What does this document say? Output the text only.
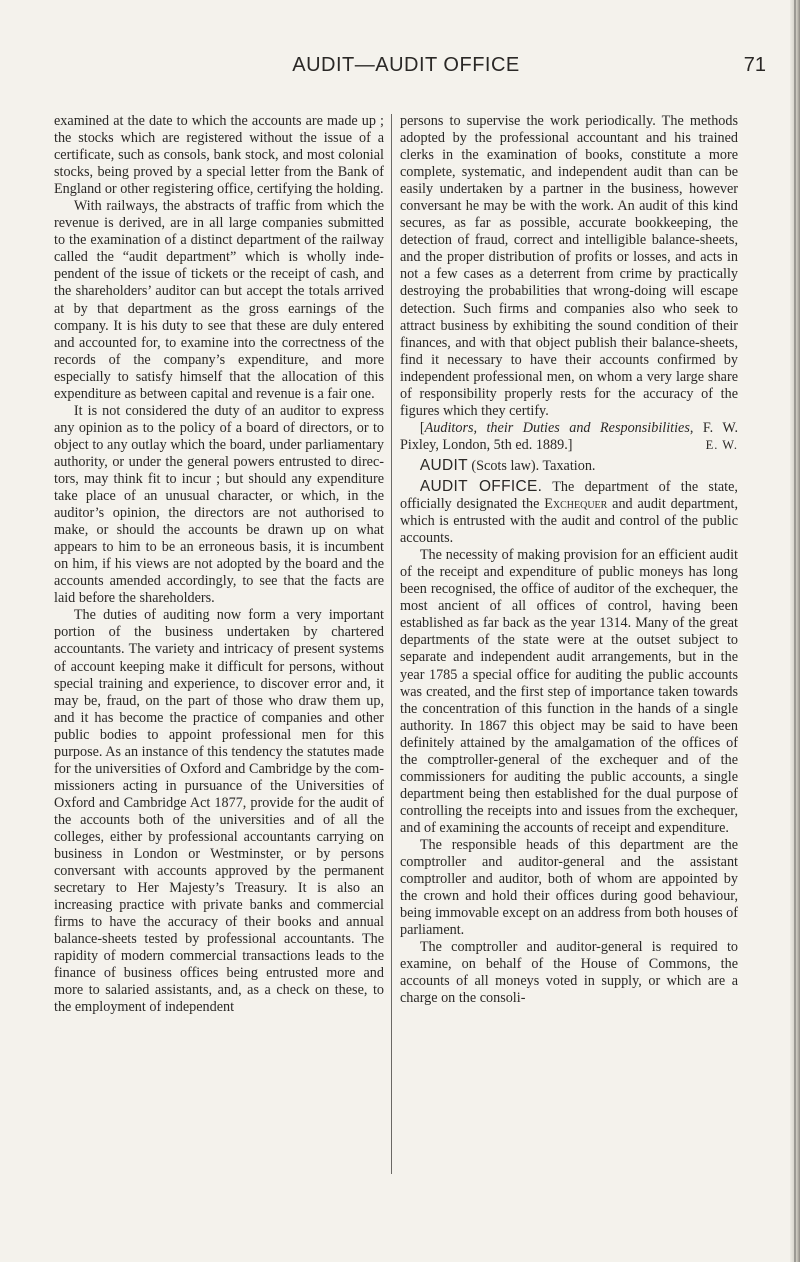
AUDIT—AUDIT OFFICE	71

examined at the date to which the accounts are made up ; the stocks which are registered without the issue of a certificate, such as consols, bank stock, and most colonial stocks, being proved by a special letter from the Bank of England or other registering office, certifying the holding.

With railways, the abstracts of traffic from which the revenue is derived, are in all large companies submitted to the examination of a distinct department of the railway called the “audit department” which is wholly independent of the issue of tickets or the receipt of cash, and the shareholders’ auditor can but accept the totals arrived at by that department as the gross earnings of the company. It is his duty to see that these are duly entered and accounted for, to examine into the correctness of the records of the company’s expenditure, and more especially to satisfy himself that the allocation of this expenditure as between capital and revenue is a fair one.

It is not considered the duty of an auditor to express any opinion as to the policy of a board of directors, or to object to any outlay which the board, under parliamentary authority, or under the general powers entrusted to directors, may think fit to incur ; but should any expenditure take place of an unusual character, or which, in the auditor’s opinion, the directors are not authorised to make, or should the accounts be drawn up on what appears to him to be an erroneous basis, it is incumbent on him, if his views are not adopted by the board and the accounts amended accordingly, to see that the facts are laid before the shareholders.

The duties of auditing now form a very important portion of the business undertaken by chartered accountants. The variety and intricacy of present systems of account keeping make it difficult for persons, without special training and experience, to discover error and, it may be, fraud, on the part of those who draw them up, and it has become the practice of companies and other public bodies to appoint professional men for this purpose. As an instance of this tendency the statutes made for the universities of Oxford and Cambridge by the commissioners acting in pursuance of the Universities of Oxford and Cambridge Act 1877, provide for the audit of the accounts both of the universities and of all the colleges, either by professional accountants carrying on business in London or Westminster, or by persons conversant with accounts approved by the permanent secretary to Her Majesty’s Treasury. It is also an increasing practice with private banks and commercial firms to have the accuracy of their books and annual balance-sheets tested by professional accountants. The rapidity of modern commercial transactions leads to the finance of business offices being entrusted more and more to salaried assistants, and, as a check on these, to the employment of independent

persons to supervise the work periodically. The methods adopted by the professional accountant and his trained clerks in the examination of books, constitute a more complete, systematic, and independent audit than can be easily undertaken by a partner in the business, however conversant he may be with the work. An audit of this kind secures, as far as possible, accurate bookkeeping, the detection of fraud, correct and intelligible balance-sheets, and the proper distribution of profits or losses, and acts in not a few cases as a deterrent from crime by practically destroying the probabilities that wrong-doing will escape detection. Such firms and companies also who seek to attract business by exhibiting the sound condition of their finances, and with that object publish their balance-sheets, find it necessary to have their accounts confirmed by independent professional men, on whom a very large share of responsibility properly rests for the accuracy of the figures which they certify.

[Auditors, their Duties and Responsibilities, F. W. Pixley, London, 5th ed. 1889.]	E. W.

AUDIT (Scots law). Taxation.

AUDIT OFFICE. The department of the state, officially designated the Exchequer and audit department, which is entrusted with the audit and control of the public accounts.

The necessity of making provision for an efficient audit of the receipt and expenditure of public moneys has long been recognised, the office of auditor of the exchequer, the most ancient of all offices of control, having been established as far back as the year 1314. Many of the great departments of the state were at the outset subject to separate and independent audit arrangements, but in the year 1785 a special office for auditing the public accounts was created, and the first step of importance taken towards the concentration of this function in the hands of a single authority. In 1867 this object may be said to have been definitely attained by the amalgamation of the offices of the comptroller-general of the exchequer and of the commissioners for auditing the public accounts, a single department being then established for the dual purpose of controlling the receipts into and issues from the exchequer, and of examining the accounts of receipt and expenditure.

The responsible heads of this department are the comptroller and auditor-general and the assistant comptroller and auditor, both of whom are appointed by the crown and hold their offices during good behaviour, being immovable except on an address from both houses of parliament.

The comptroller and auditor-general is required to examine, on behalf of the House of Commons, the accounts of all moneys voted in supply, or which are a charge on the consoli-
